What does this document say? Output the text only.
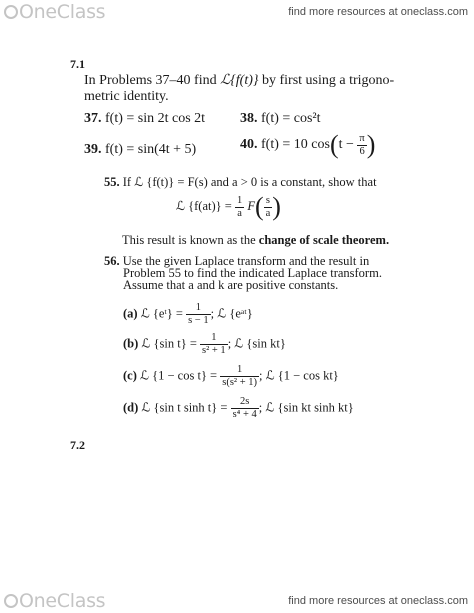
OneClass	find more resources at oneclass.com
7.1
In Problems 37–40 find ℒ{f(t)} by first using a trigono-
metric identity.
37. f(t) = sin 2t cos 2t 38. f(t) = cos²t
39. f(t) = sin(4t + 5)	40. f(t) = 10 $\cos(t - \frac{\pi}{6}$ )
55. If ℒ {f(t)} = F(s) and a > 0 is a constant, show that
ℒ $\{f(at)\} = \frac{1}{a} F( \frac{s}{a}$ )
This result is known as the change of scale theorem.
56. Use the given Laplace transform and the result in
Problem 55 to find the indicated Laplace transform.
Assume that a and k are positive constants.
(a) ℒ {eᵗ} = $\frac{1}{s - 1}$ ; ℒ {eᵃᵗ}
(b) ℒ {sin $t\} = \frac{1}{\text{s² + 1}}$ ; ℒ {sin kt}
(c) ℒ $\{1 - \cos t\} = \frac{1}{\text{s(s² + 1)}}$ ; ℒ {1 − cos kt}
(d) ℒ {sin t $\sinh t\} = \frac{2s}{\text{s⁴ + 4}}$ ; ℒ {sin kt sinh kt}
7.2
OneClass	find more resources at oneclass.com
